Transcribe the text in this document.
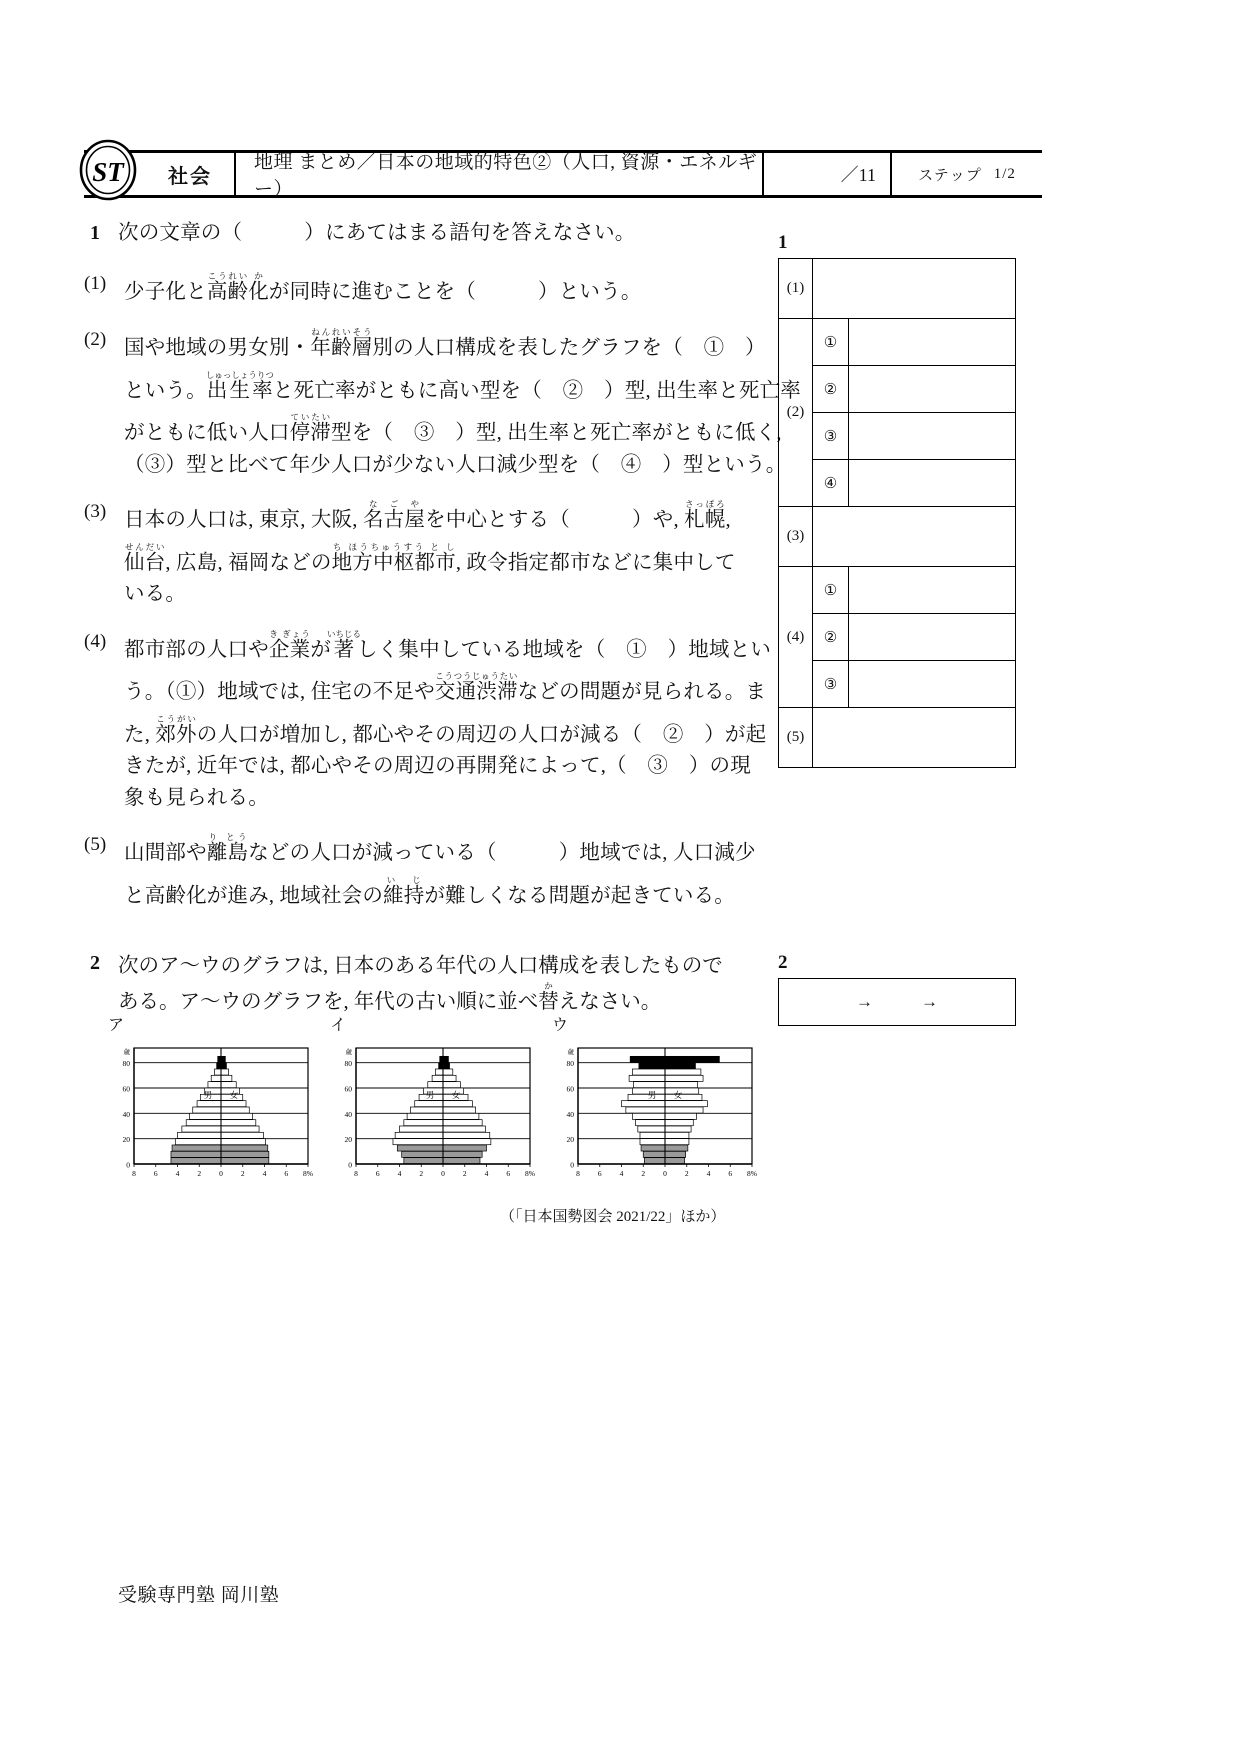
ST	社会
地理 まとめ／日本の地域的特色②（人口, 資源・エネルギー）
／11	ステップ 1/2
1 次の文章の（　　　）にあてはまる語句を答えなさい。
(1) 少子化と高齢こうれい化かが同時に進むことを（　　　）という。
(2) 国や地域の男女別・年齢層ねんれいそう別の人口構成を表したグラフを（　①　）
という。出生率しゅっしょうりつと死亡率がともに高い型を（　②　）型, 出生率と死亡率
がともに低い人口停滞ていたい型を（　③　）型, 出生率と死亡率がともに低く,
（③）型と比べて年少人口が少ない人口減少型を（　④　）型という。
(3) 日本の人口は, 東京, 大阪, 名な古ご屋やを中心とする（　　　）や, 札幌さっぽろ,
仙台せんだい, 広島, 福岡などの地方中枢都市ち ほうちゅうすう と し, 政令指定都市などに集中して
いる。
(4) 都市部の人口や企業き ぎょうが著いちじるしく集中している地域を（　①　）地域とい
う。（①）地域では, 住宅の不足や交通渋滞こうつうじゅうたいなどの問題が見られる。ま
た, 郊外こうがいの人口が増加し, 都心やその周辺の人口が減る（　②　）が起
きたが, 近年では, 都心やその周辺の再開発によって,（　③　）の現
象も見られる。
(5) 山間部や離島り とうなどの人口が減っている（　　　）地域では, 人口減少
と高齢化が進み, 地域社会の維持い じが難しくなる問題が起きている。
1
(1)		
(2)	①	
	②	
	③	
	④	
(3)		
(4)	①	
	②	
	③	
(5)		
2 次のア～ウのグラフは, 日本のある年代の人口構成を表したもので
ある。ア～ウのグラフを, 年代の古い順に並べ替かえなさい。
2
→	→
ア
0
20
40
60
80
歳
8 6 4 2 0 2 4 6 8%
男 女
イ
0
20
40
60
80
歳
8 6 4 2 0 2 4 6 8%
男 女
ウ
0
20
40
60
80
歳
8 6 4 2 0 2 4 6 8%
男 女
（「日本国勢図会 2021/22」ほか）
受験専門塾 岡川塾
